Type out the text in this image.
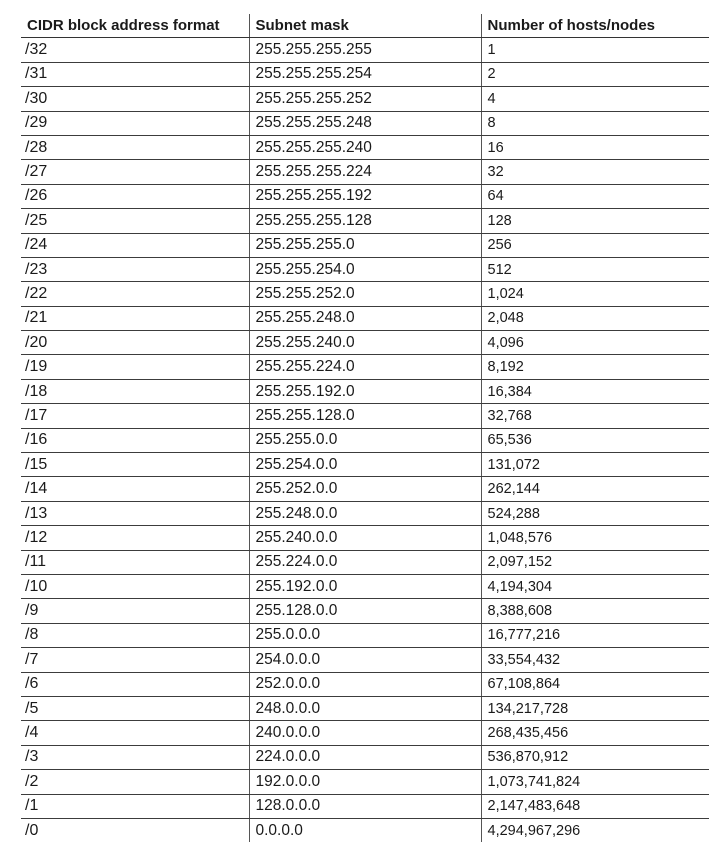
CIDR block address format	Subnet mask	Number of hosts/nodes
/32	255.255.255.255	1
/31	255.255.255.254	2
/30	255.255.255.252	4
/29	255.255.255.248	8
/28	255.255.255.240	16
/27	255.255.255.224	32
/26	255.255.255.192	64
/25	255.255.255.128	128
/24	255.255.255.0	256
/23	255.255.254.0	512
/22	255.255.252.0	1,024
/21	255.255.248.0	2,048
/20	255.255.240.0	4,096
/19	255.255.224.0	8,192
/18	255.255.192.0	16,384
/17	255.255.128.0	32,768
/16	255.255.0.0	65,536
/15	255.254.0.0	131,072
/14	255.252.0.0	262,144
/13	255.248.0.0	524,288
/12	255.240.0.0	1,048,576
/11	255.224.0.0	2,097,152
/10	255.192.0.0	4,194,304
/9	255.128.0.0	8,388,608
/8	255.0.0.0	16,777,216
/7	254.0.0.0	33,554,432
/6	252.0.0.0	67,108,864
/5	248.0.0.0	134,217,728
/4	240.0.0.0	268,435,456
/3	224.0.0.0	536,870,912
/2	192.0.0.0	1,073,741,824
/1	128.0.0.0	2,147,483,648
/0	0.0.0.0	4,294,967,296
